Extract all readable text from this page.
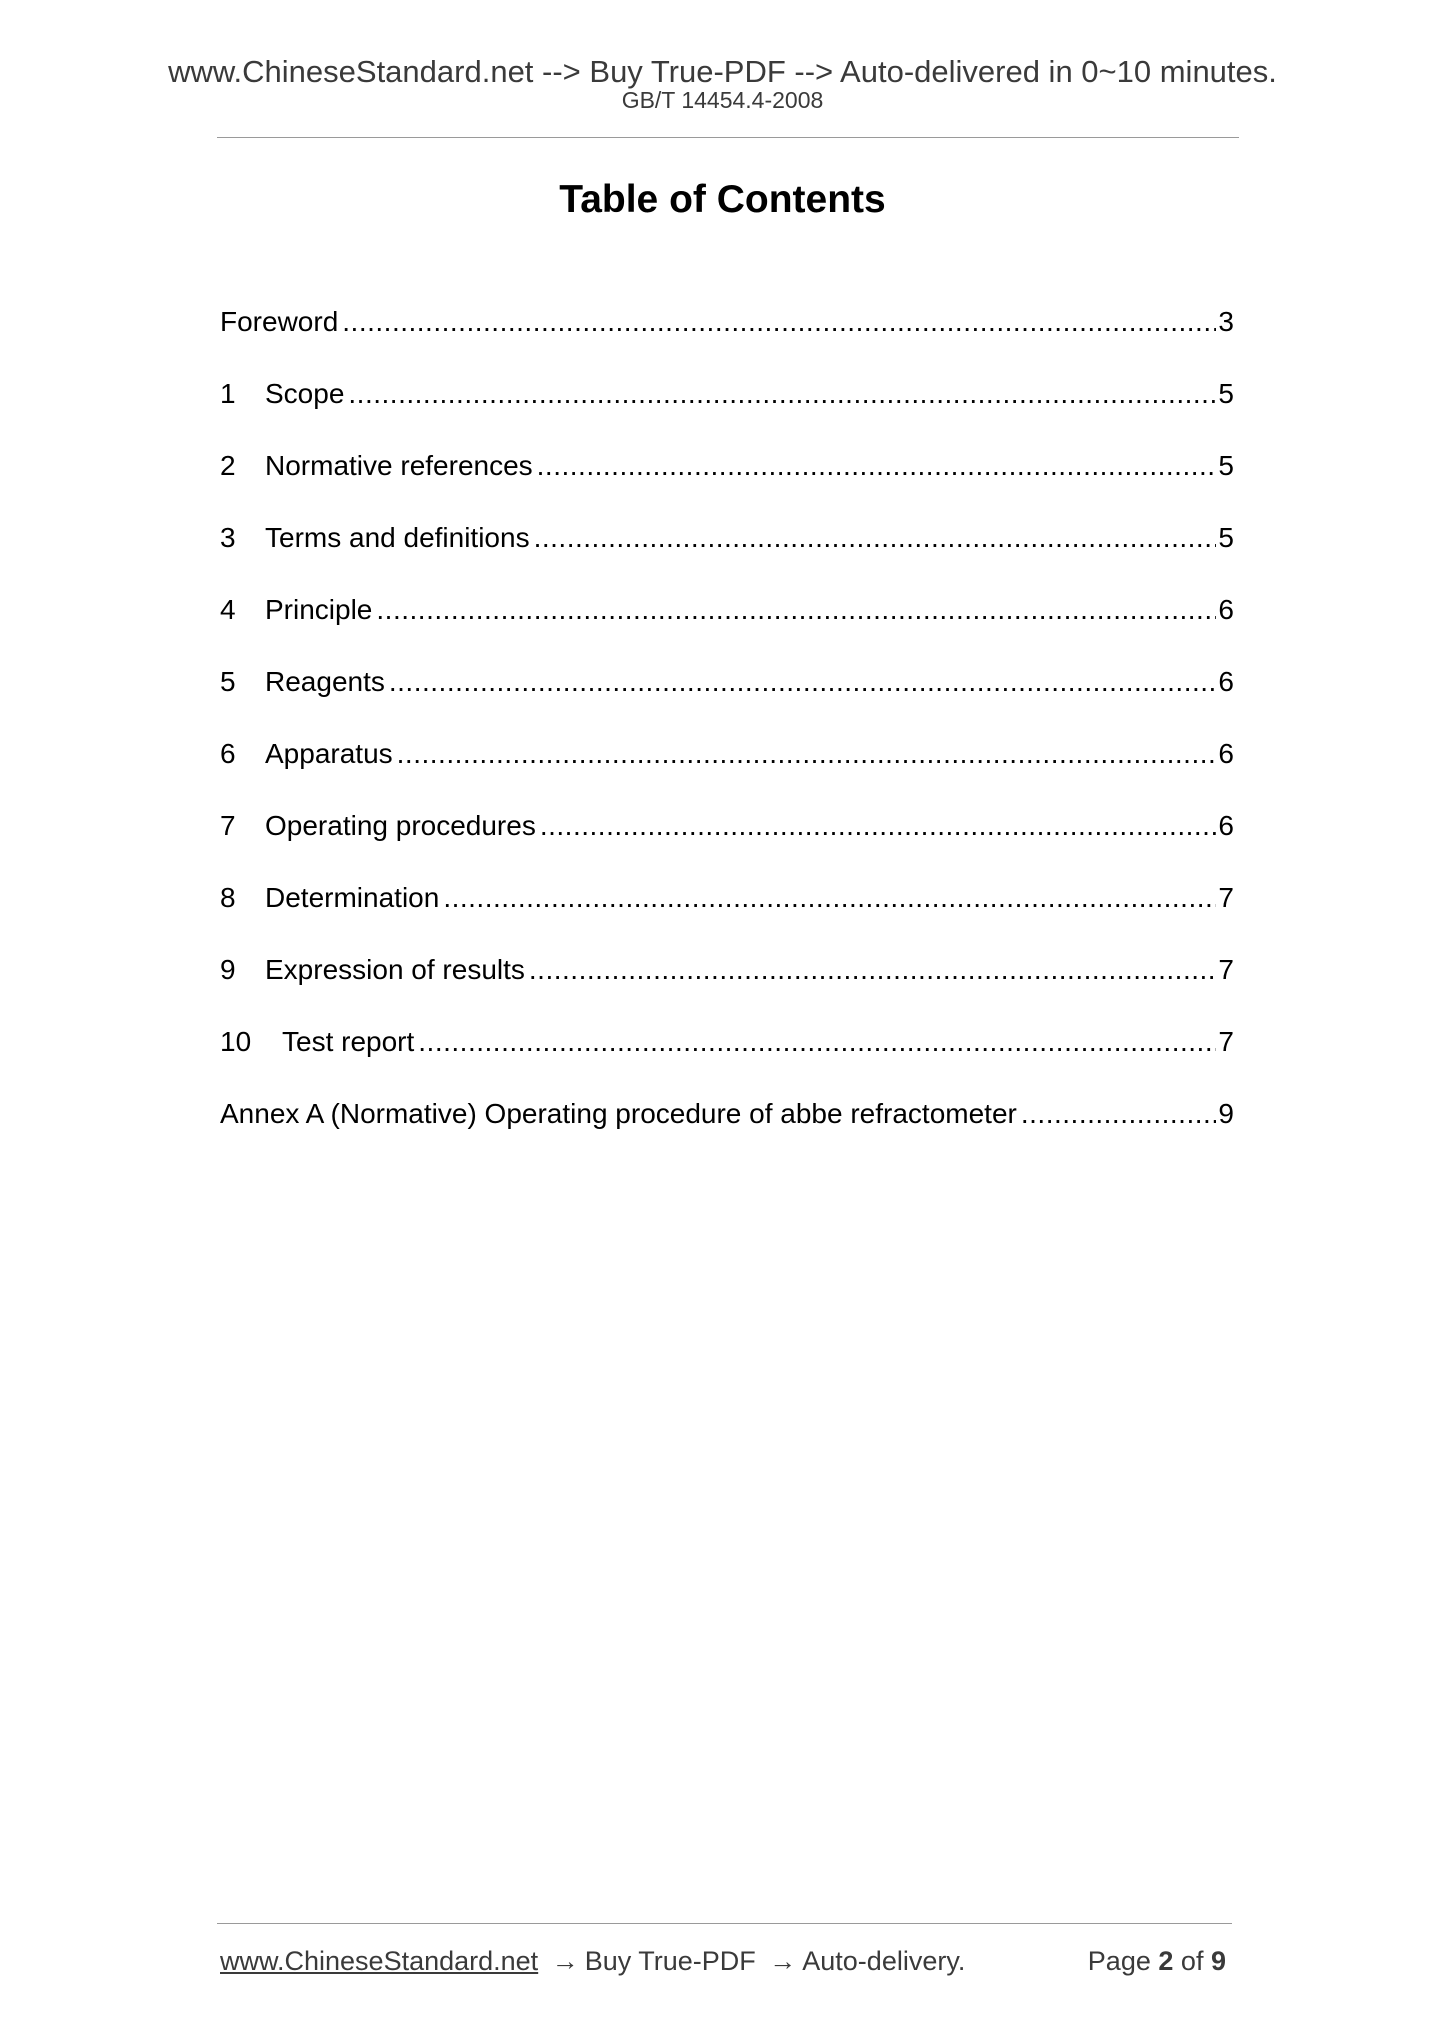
www.ChineseStandard.net --> Buy True-PDF --> Auto-delivered in 0~10 minutes.
GB/T 14454.4-2008
Table of Contents
Foreword .....	3
1	Scope .....	5
2	Normative references .....	5
3	Terms and definitions .....	5
4	Principle .....	6
5	Reagents .....	6
6	Apparatus .....	6
7	Operating procedures .....	6
8	Determination .....	7
9	Expression of results .....	7
10	Test report .....	7
Annex A (Normative) Operating procedure of abbe refractometer .....	9
www.ChineseStandard.net → Buy True-PDF → Auto-delivery.	Page 2 of 9
